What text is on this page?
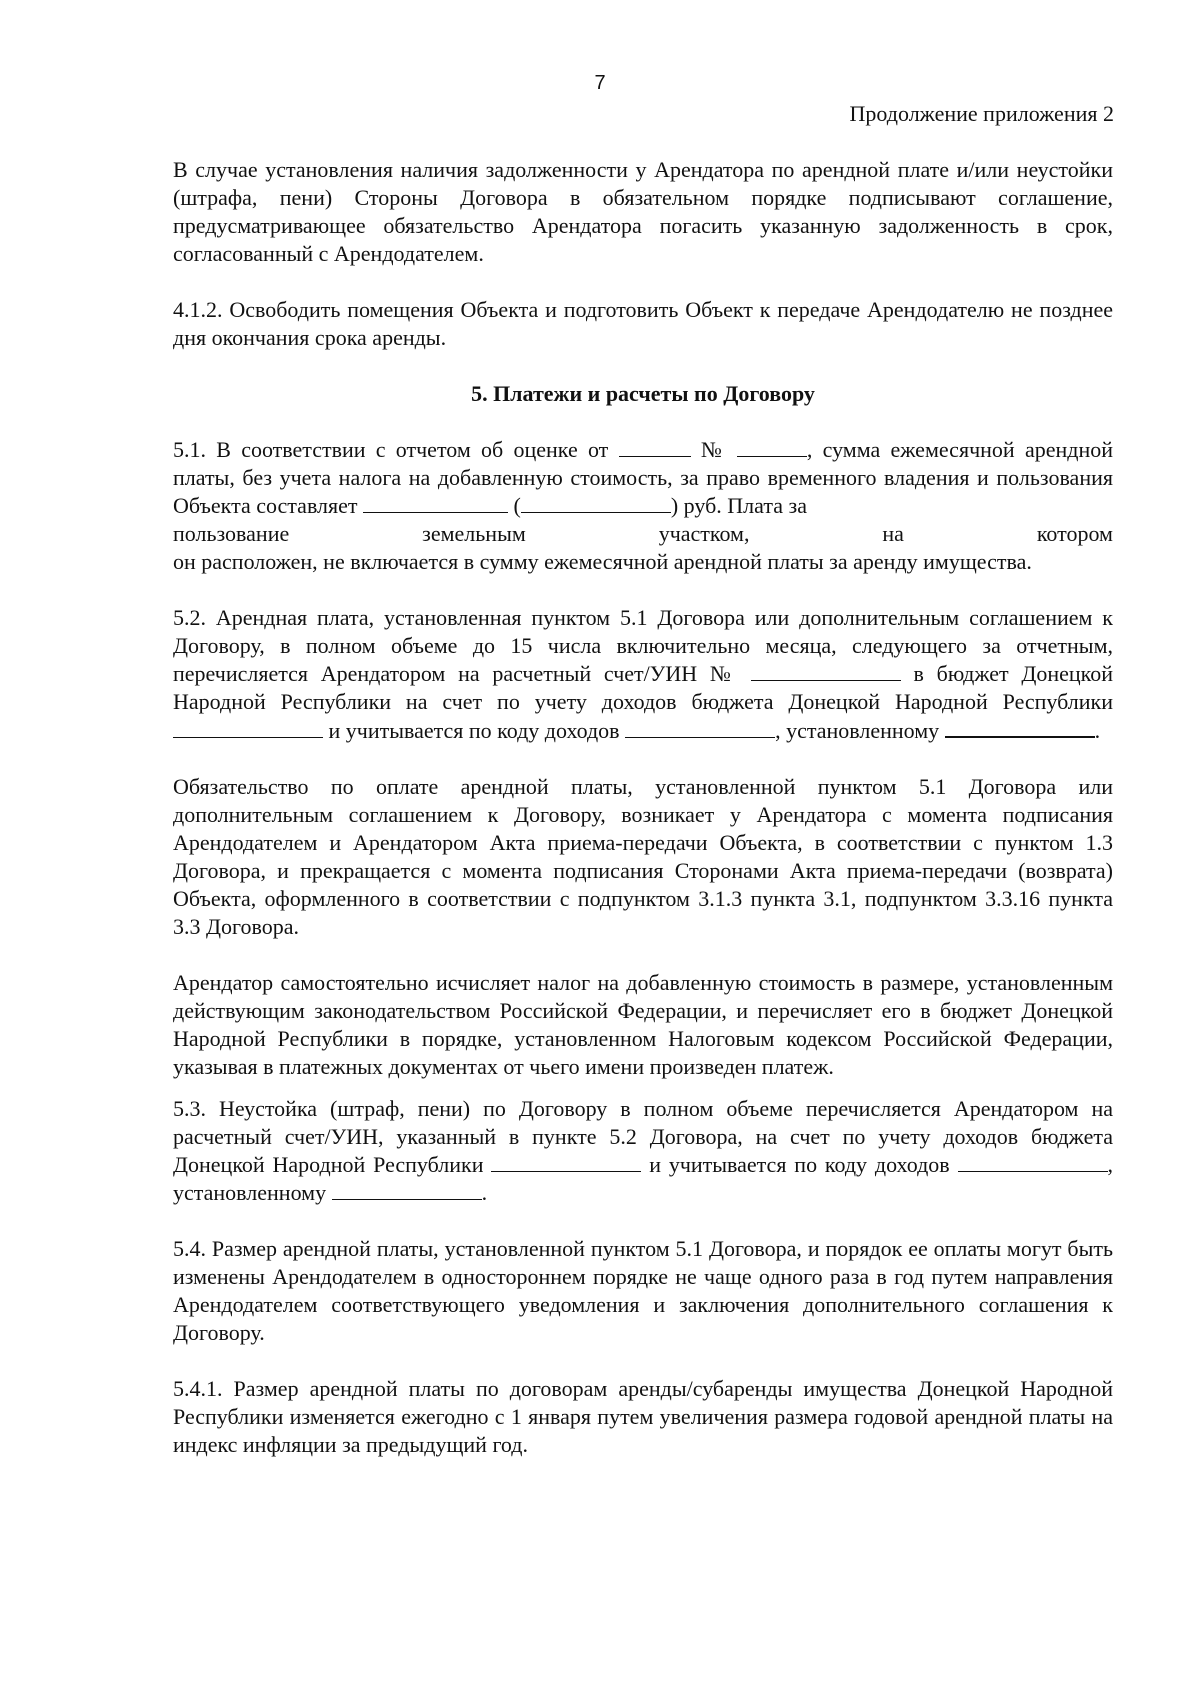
7
Продолжение приложения 2

В случае установления наличия задолженности у Арендатора по арендной плате и/или неустойки (штрафа, пени) Стороны Договора в обязательном порядке подписывают соглашение, предусматривающее обязательство Арендатора погасить указанную задолженность в срок, согласованный с Арендодателем.

4.1.2. Освободить помещения Объекта и подготовить Объект к передаче Арендодателю не позднее дня окончания срока аренды.

5. Платежи и расчеты по Договору

5.1. В соответствии с отчетом об оценке от	№	, сумма ежемесячной арендной платы, без учета налога на добавленную стоимость, за право временного владения и пользования Объекта составляет	(	) руб. Плата за

пользование	земельным	участком,	на	котором

он расположен, не включается в сумму ежемесячной арендной платы за аренду имущества.

5.2. Арендная плата, установленная пунктом 5.1 Договора или дополнительным соглашением к Договору, в полном объеме до 15 числа включительно месяца, следующего за отчетным, перечисляется Арендатором на расчетный счет/УИН №	в бюджет Донецкой Народной Республики на счет по учету доходов бюджета Донецкой Народной Республики  и учитывается по коду доходов	, установленному	.

Обязательство по оплате арендной платы, установленной пунктом 5.1 Договора или дополнительным соглашением к Договору, возникает у Арендатора с момента подписания Арендодателем и Арендатором Акта приема-передачи Объекта, в соответствии с пунктом 1.3 Договора, и прекращается с момента подписания Сторонами Акта приема-передачи (возврата) Объекта, оформленного в соответствии с подпунктом 3.1.3 пункта 3.1, подпунктом 3.3.16 пункта 3.3 Договора.

Арендатор самостоятельно исчисляет налог на добавленную стоимость в размере, установленным действующим законодательством Российской Федерации, и перечисляет его в бюджет Донецкой Народной Республики в порядке, установленном Налоговым кодексом Российской Федерации, указывая в платежных документах от чьего имени произведен платеж.

5.3. Неустойка (штраф, пени) по Договору в полном объеме перечисляется Арендатором на расчетный счет/УИН, указанный в пункте 5.2 Договора, на счет по учету доходов бюджета Донецкой Народной Республики	и учитывается по коду доходов	, установленному	.

5.4. Размер арендной платы, установленной пунктом 5.1 Договора, и порядок ее оплаты могут быть изменены Арендодателем в одностороннем порядке не чаще одного раза в год путем направления Арендодателем соответствующего уведомления и заключения дополнительного соглашения к Договору.

5.4.1. Размер арендной платы по договорам аренды/субаренды имущества Донецкой Народной Республики изменяется ежегодно с 1 января путем увеличения размера годовой арендной платы на индекс инфляции за предыдущий год.
